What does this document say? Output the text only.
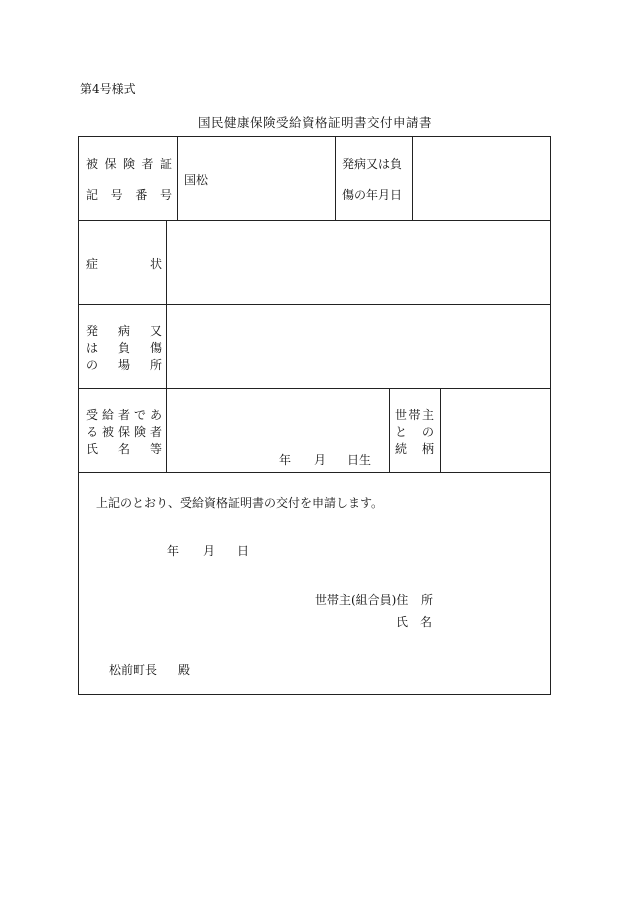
第4号様式
国民健康保険受給資格証明書交付申請書
被保険者証
記号番号
国松
発病又は負
傷の年月日
症状
発病又
は負傷
の場所
受給者であ
る被保険者
氏名等
年 月 日生
世帯主
との
続柄
上記のとおり、受給資格証明書の交付を申請します。
年 月 日
世帯主(組合員)住 所
氏　名
松前町長 殿
